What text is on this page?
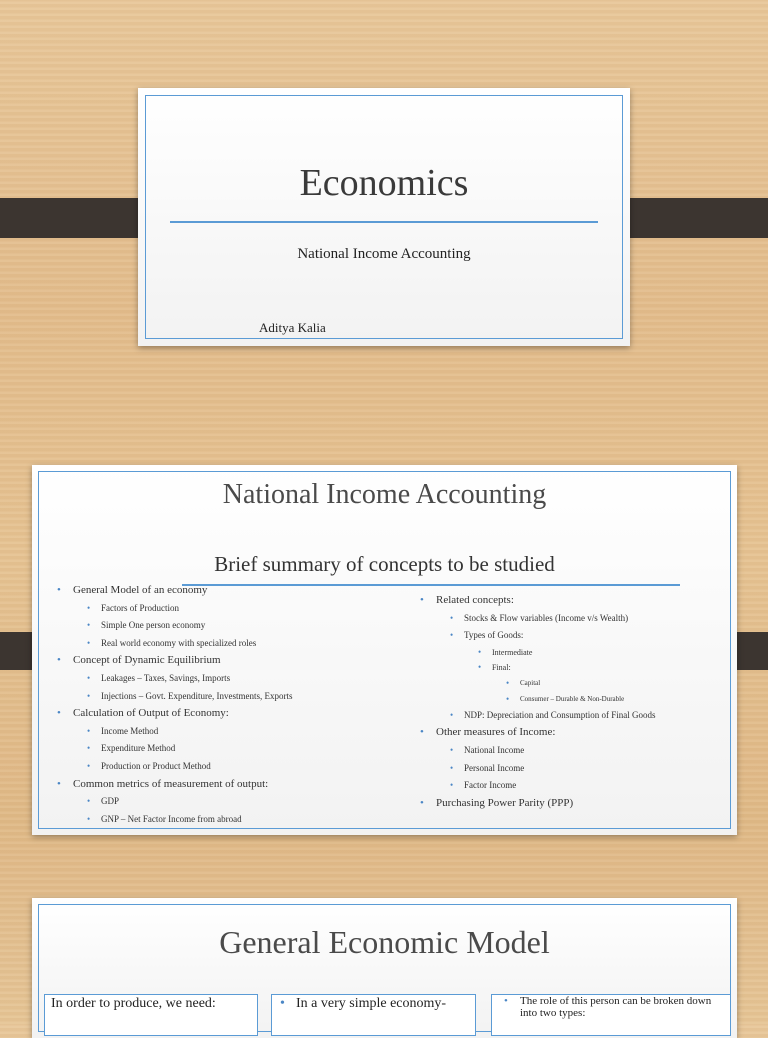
Economics
National Income Accounting
Aditya Kalia
National Income Accounting
Brief summary of concepts to be studied
• General Model of an economy
• Factors of Production
• Simple One person economy
• Real world economy with specialized roles
• Concept of Dynamic Equilibrium
• Leakages – Taxes, Savings, Imports
• Injections – Govt. Expenditure, Investments, Exports
• Calculation of Output of Economy:
• Income Method
• Expenditure Method
• Production or Product Method
• Common metrics of measurement of output:
• GDP
• GNP – Net Factor Income from abroad
• Related concepts:
• Stocks & Flow variables (Income v/s Wealth)
• Types of Goods:
• Intermediate
• Final:
• Capital
• Consumer – Durable & Non-Durable
• NDP: Depreciation and Consumption of Final Goods
• Other measures of Income:
• National Income
• Personal Income
• Factor Income
• Purchasing Power Parity (PPP)
General Economic Model
In order to produce, we need:	• In a very simple economy-	• The role of this person can be broken down into two types:
